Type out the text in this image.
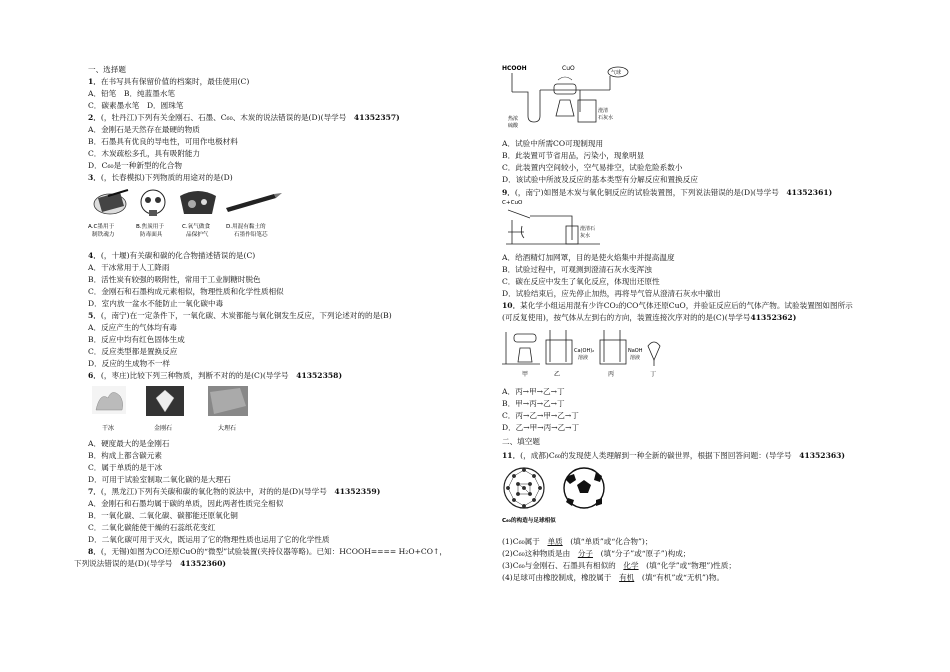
一、选择题
1．在书写具有保留价值的档案时，最佳使用(C)
A．铅笔　B．纯蓝墨水笔
C．碳素墨水笔　D．圆珠笔
2．(，牡丹江)下列有关金刚石、石墨、C₆₀、木炭的说法错误的是(D)(导学号　41352357)
A．金刚石是天然存在最硬的物质
B．石墨具有优良的导电性，可用作电极材料
C．木炭疏松多孔，具有吸附能力
D．C₆₀是一种新型的化合物
3．(，长春模拟)下列物质的用途对的是(D)
A.C墨用于
制铁魂力
B.焦炭用于
防毒面具
C.氧气做食
品保护气
D.用混有黏土的
石墨作铅笔芯
4．(，十堰)有关碳和碳的化合物描述错误的是(C)
A．干冰常用于人工降雨
B．活性炭有较强的吸附性，常用于工业制糖时脱色
C．金刚石和石墨构成元素相似，物理性质和化学性质相似
D．室内放一盆水不能防止一氧化碳中毒
5．(，南宁)在一定条件下，一氧化碳、木炭都能与氧化铜发生反应，下列论述对的的是(B)
A．反应产生的气体均有毒
B．反应中均有红色固体生成
C．反应类型都是置换反应
D．反应的生成物不一样
6．(，枣庄)比较下列三种物质，判断不对的的是(C)(导学号　41352358)
干冰	金刚石	大理石
A．硬度最大的是金刚石
B．构成上都含碳元素
C．属于单质的是干冰
D．可用于试验室制取二氧化碳的是大理石
7．(，黑龙江)下列有关碳和碳的氧化物的说法中，对的的是(D)(导学号　41352359)
A．金刚石和石墨均属于碳的单质，因此两者性质完全相似
B．一氧化碳、二氧化碳、碳都能还原氧化铜
C．二氧化碳能使干燥的石蕊纸花变红
D．二氧化碳可用于灭火，既运用了它的物理性质也运用了它的化学性质
8．(，无锡)如图为CO还原CuO的“微型”试验装置(夹持仪器等略)。已知：HCOOH==== H₂O+CO↑，
下列说法错误的是(D)(导学号　41352360)
HCOOH	CuO
气球
热浓
硫酸
澄清
石灰水
A．试验中所需CO可现制现用
B．此装置可节省用品，污染小，现象明显
C．此装置内空间较小，空气易排空，试验危险系数小
D．该试验中所波及反应的基本类型有分解反应和置换反应
9．(，南宁)如图是木炭与氧化铜反应的试验装置图，下列说法错误的是(D)(导学号　41352361)
C+CuO
澄清石
灰水
A．给酒精灯加网罩，目的是使火焰集中并提高温度
B．试验过程中，可观测到澄清石灰水变浑浊
C．碳在反应中发生了氧化反应，体现出还原性
D．试验结束后，应先停止加热，再将导气管从澄清石灰水中撤出
10．某化学小组运用混有少许CO₂的CO气体还原CuO，并验证反应后的气体产物。试验装置图如图所示
(可反复使用)，按气体从左到右的方向，装置连接次序对的的是(C)(导学号41352362)
Ca(OH)₂
溶液
NaOH
溶液
甲	乙	丙	丁
A．丙→甲→乙→丁
B．甲→丙→乙→丁
C．丙→乙→甲→乙→丁
D．乙→甲→丙→乙→丁
二、填空题
11．(，成都)C₆₀的发现使人类理解到一种全新的碳世界，根据下图回答问题：(导学号　41352363)
C₆₀的构造与足球相似
(1)C₆₀属于　单质　(填“单质”或“化合物”)；
(2)C₆₀这种物质是由　分子　(填“分子”或“原子”)构成；
(3)C₆₀与金刚石、石墨具有相似的　化学　(填“化学”或“物理”)性质；
(4)足球可由橡胶制成，橡胶属于　有机　(填“有机”或“无机”)物。
